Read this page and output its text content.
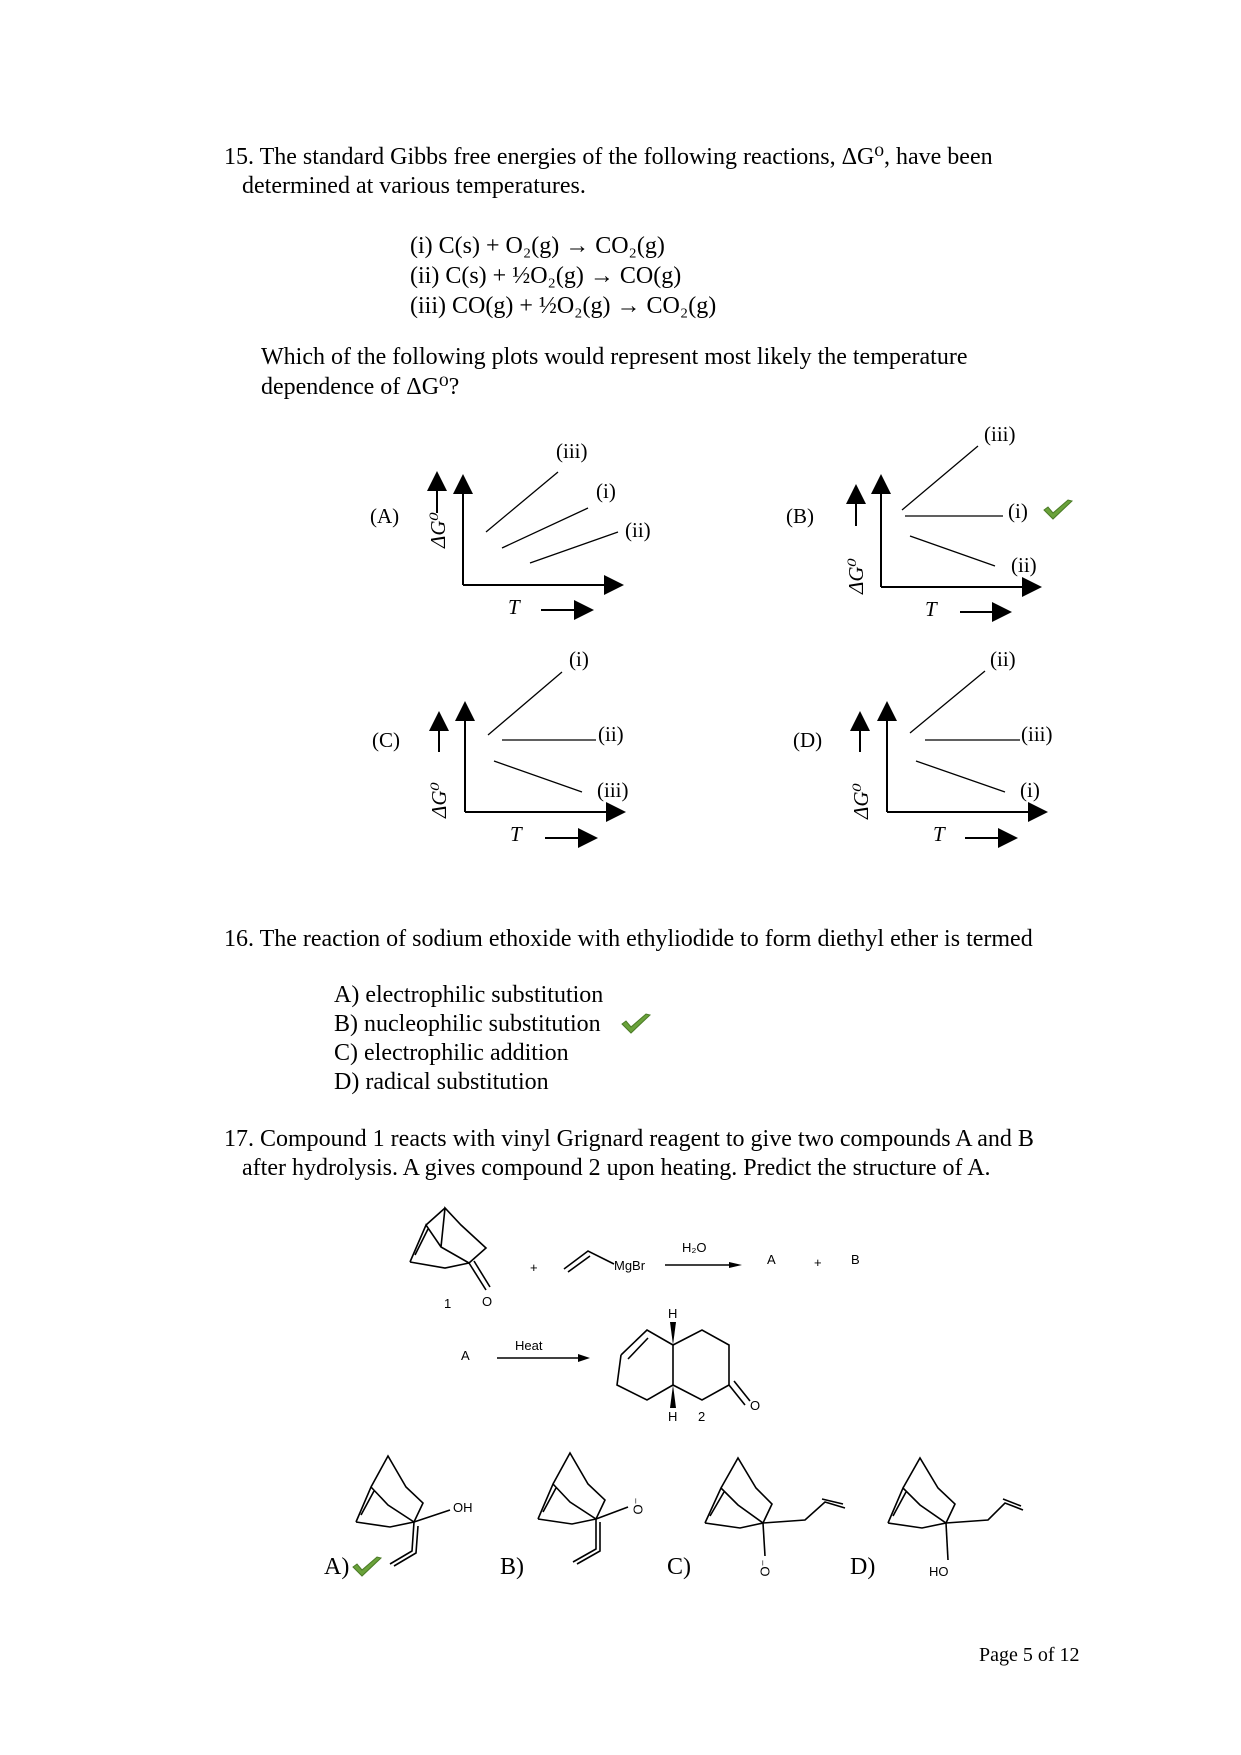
15. The standard Gibbs free energies of the following reactions, ΔG⁰, have been
determined at various temperatures.
(i) C(s) + O₂(g) → CO₂(g)
(ii) C(s) + ½O₂(g) → CO(g)
(iii) CO(g) + ½O₂(g) → CO₂(g)
Which of the following plots would represent most likely the temperature
dependence of ΔG⁰?
(A) ΔG⁰
T
(iii)
(i)
(ii)
(B)
ΔG⁰
T
(iii)
(i)
(ii)
(C)
ΔG⁰
T
(i)
(ii)
(iii)
(D)
ΔG⁰
T
(ii)
(iii)
(i)
16. The reaction of sodium ethoxide with ethyliodide to form diethyl ether is termed
A) electrophilic substitution
B) nucleophilic substitution
C) electrophilic addition
D) radical substitution
17. Compound 1 reacts with vinyl Grignard reagent to give two compounds A and B
after hydrolysis. A gives compound 2 upon heating. Predict the structure of A.
+	MgBr
H₂O
A	+ B
1 O
A
Heat
H
H 2
O
A)
OH
B)
O⁻
C)	O⁻	D)	HO
Page 5 of 12
